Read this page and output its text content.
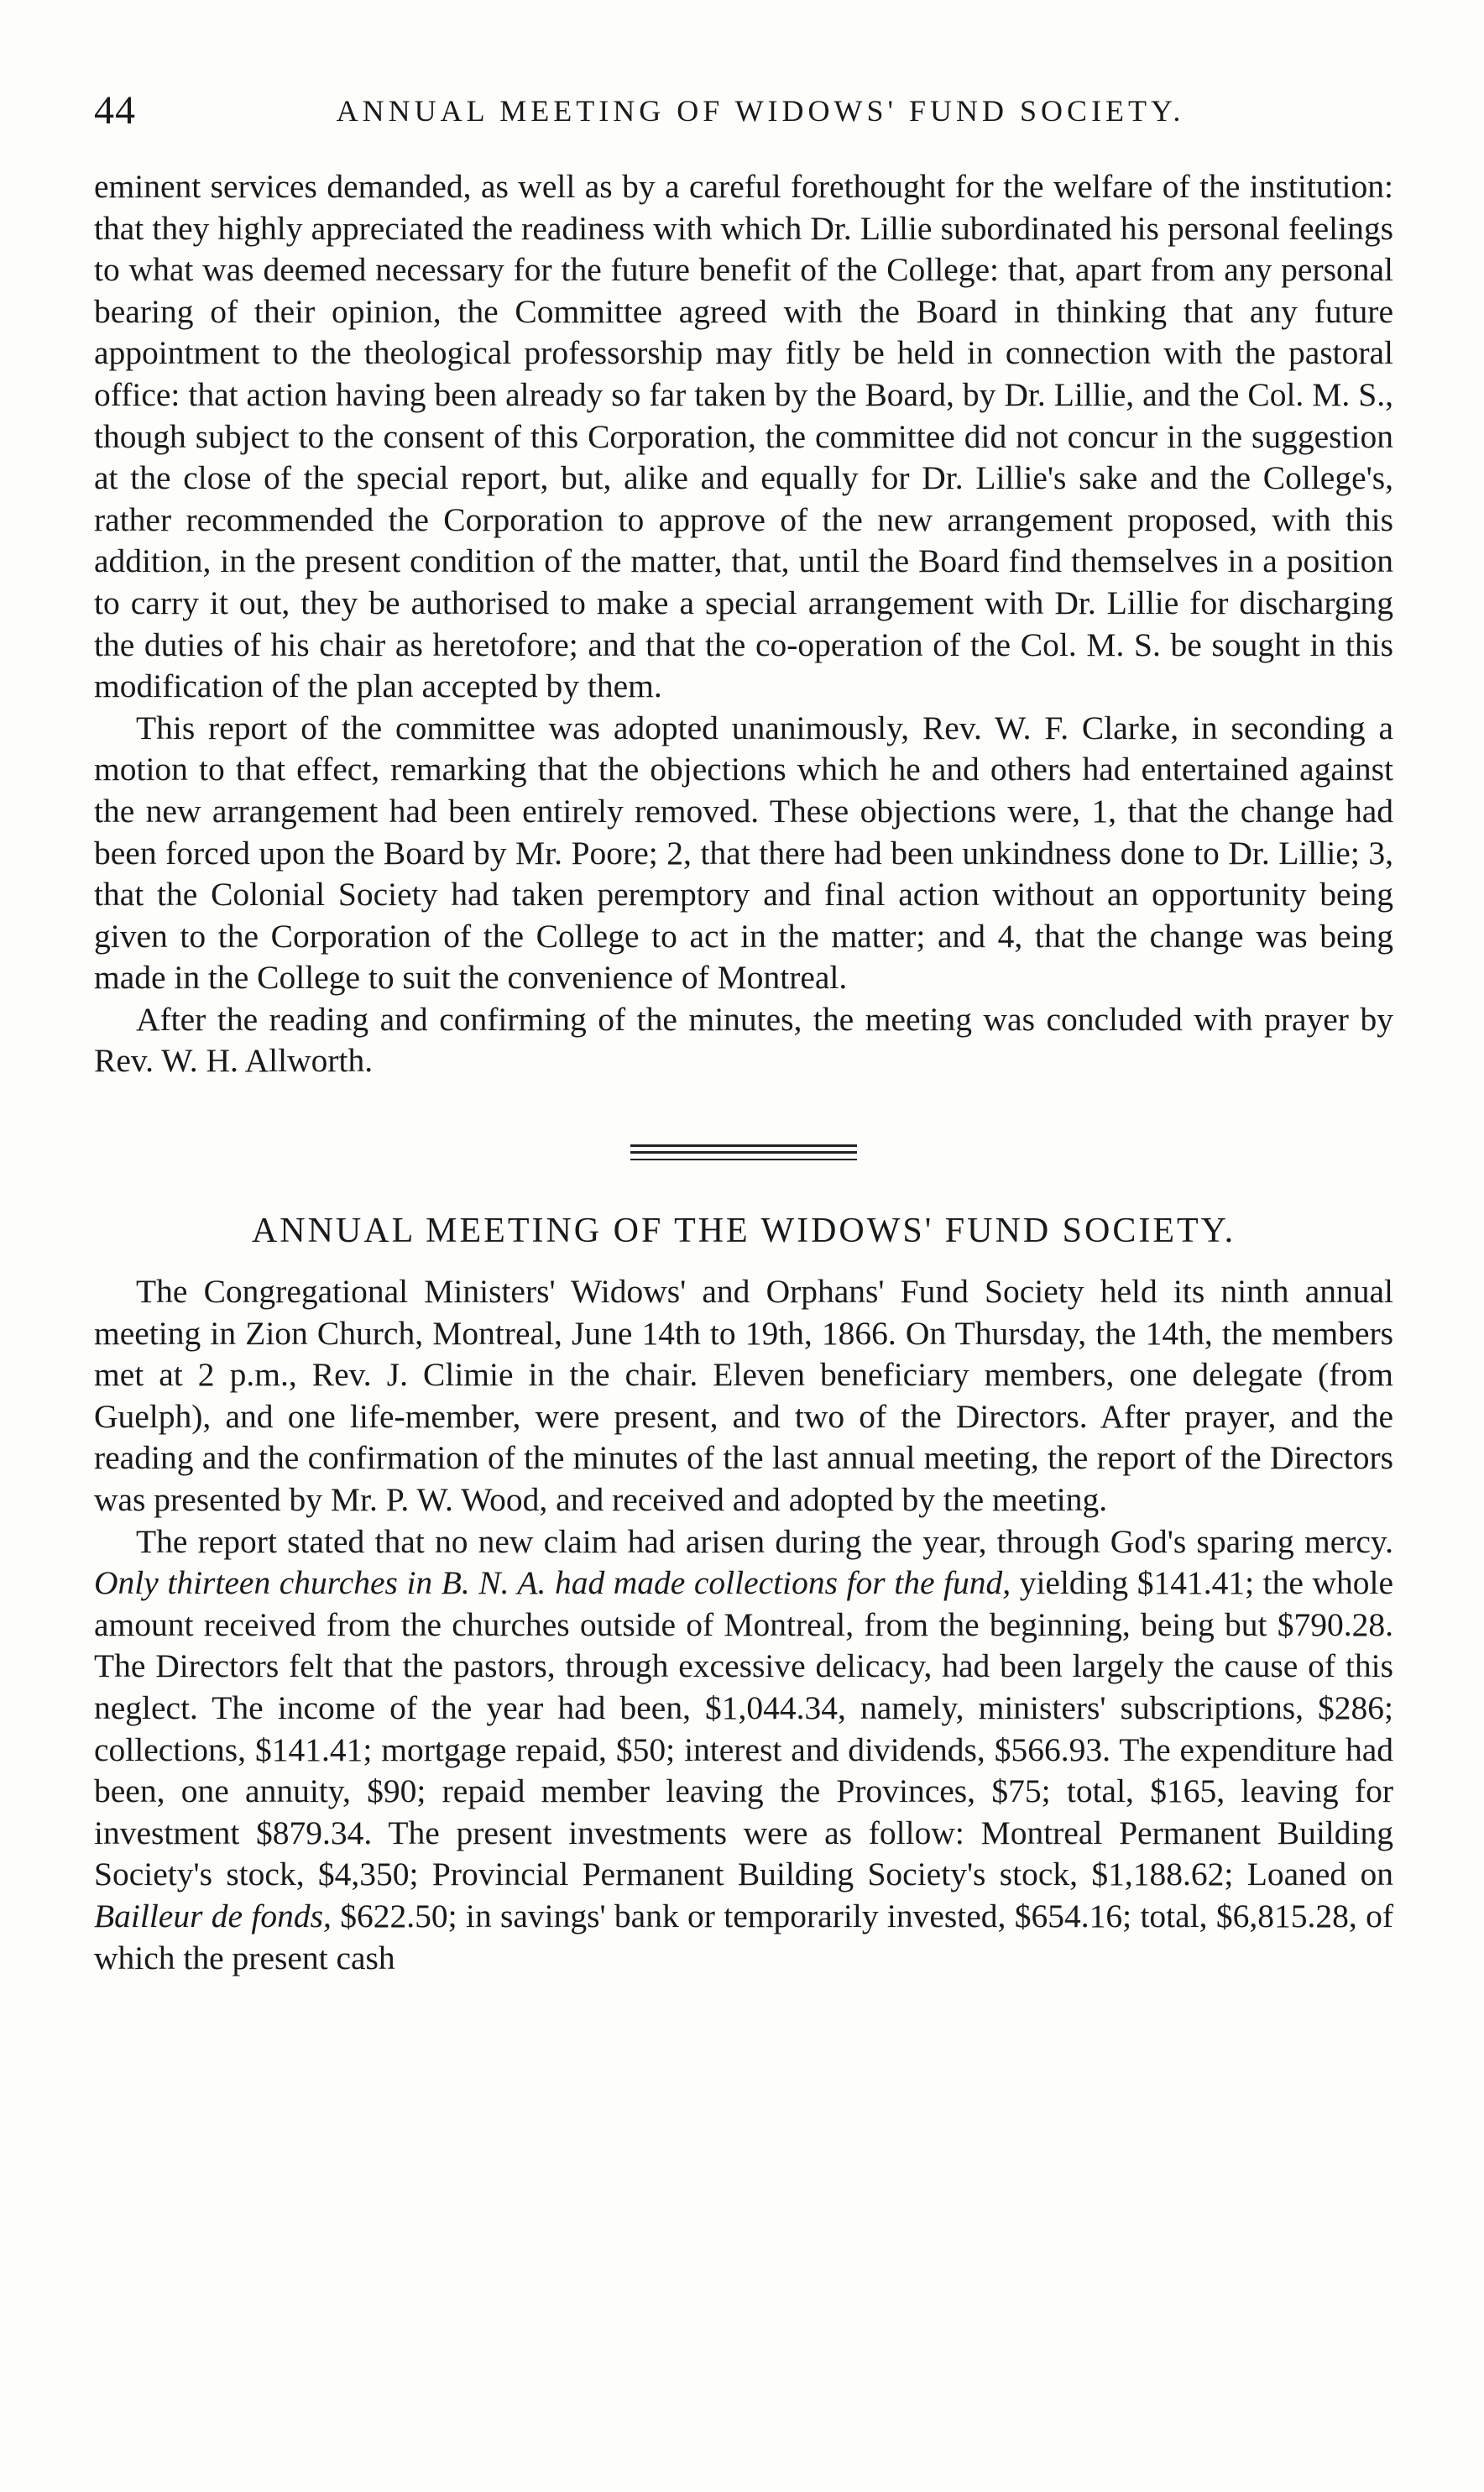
44	ANNUAL MEETING OF WIDOWS' FUND SOCIETY.

eminent services demanded, as well as by a careful forethought for the welfare of the institution: that they highly appreciated the readiness with which Dr. Lillie subordinated his personal feelings to what was deemed necessary for the future benefit of the College: that, apart from any personal bearing of their opinion, the Committee agreed with the Board in thinking that any future appointment to the theological professorship may fitly be held in connection with the pastoral office: that action having been already so far taken by the Board, by Dr. Lillie, and the Col. M. S., though subject to the consent of this Corporation, the committee did not concur in the suggestion at the close of the special report, but, alike and equally for Dr. Lillie's sake and the College's, rather recommended the Corporation to approve of the new arrangement proposed, with this addition, in the present condition of the matter, that, until the Board find themselves in a position to carry it out, they be authorised to make a special arrangement with Dr. Lillie for discharging the duties of his chair as heretofore; and that the co-operation of the Col. M. S. be sought in this modification of the plan accepted by them.

This report of the committee was adopted unanimously, Rev. W. F. Clarke, in seconding a motion to that effect, remarking that the objections which he and others had entertained against the new arrangement had been entirely removed. These objections were, 1, that the change had been forced upon the Board by Mr. Poore; 2, that there had been unkindness done to Dr. Lillie; 3, that the Colonial Society had taken peremptory and final action without an opportunity being given to the Corporation of the College to act in the matter; and 4, that the change was being made in the College to suit the convenience of Montreal.

After the reading and confirming of the minutes, the meeting was concluded with prayer by Rev. W. H. Allworth.

ANNUAL MEETING OF THE WIDOWS' FUND SOCIETY.

The Congregational Ministers' Widows' and Orphans' Fund Society held its ninth annual meeting in Zion Church, Montreal, June 14th to 19th, 1866. On Thursday, the 14th, the members met at 2 p.m., Rev. J. Climie in the chair. Eleven beneficiary members, one delegate (from Guelph), and one life-member, were present, and two of the Directors. After prayer, and the reading and the confirmation of the minutes of the last annual meeting, the report of the Directors was presented by Mr. P. W. Wood, and received and adopted by the meeting.

The report stated that no new claim had arisen during the year, through God's sparing mercy. Only thirteen churches in B. N. A. had made collections for the fund, yielding $141.41; the whole amount received from the churches outside of Montreal, from the beginning, being but $790.28. The Directors felt that the pastors, through excessive delicacy, had been largely the cause of this neglect. The income of the year had been, $1,044.34, namely, ministers' subscriptions, $286; collections, $141.41; mortgage repaid, $50; interest and dividends, $566.93. The expenditure had been, one annuity, $90; repaid member leaving the Provinces, $75; total, $165, leaving for investment $879.34. The present investments were as follow: Montreal Permanent Building Society's stock, $4,350; Provincial Permanent Building Society's stock, $1,188.62; Loaned on Bailleur de fonds, $622.50; in savings' bank or temporarily invested, $654.16; total, $6,815.28, of which the present cash
